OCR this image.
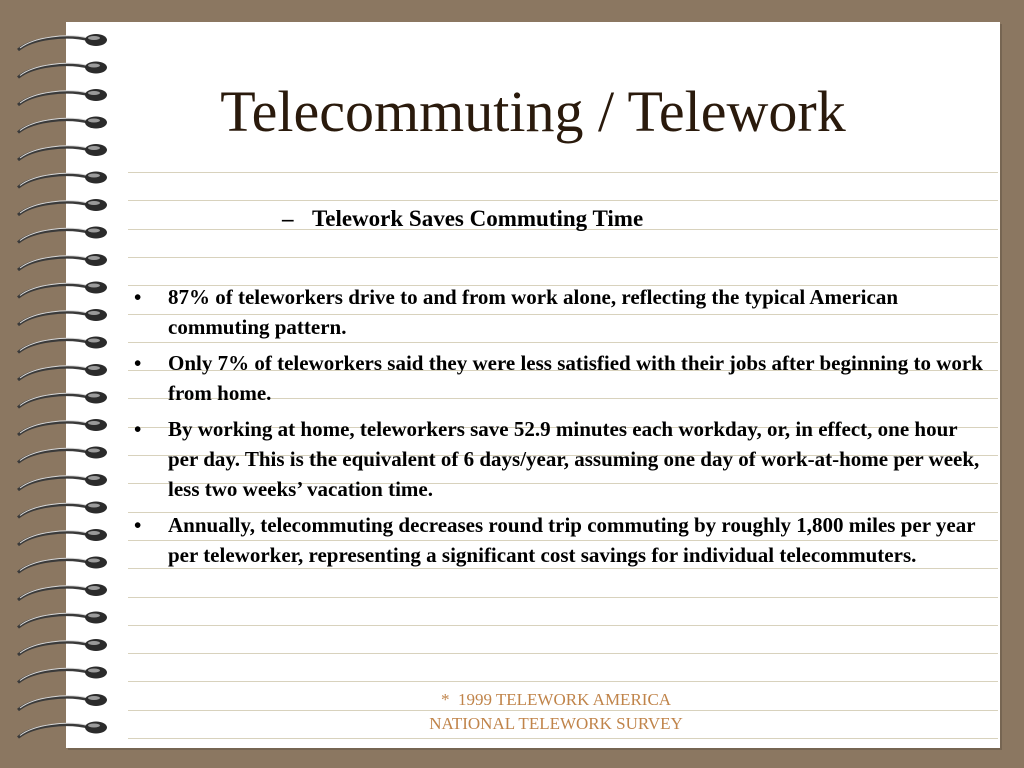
Telecommuting / Telework
– Telework Saves Commuting Time
• 87% of teleworkers drive to and from work alone, reflecting the typical American commuting pattern.
• Only 7% of teleworkers said they were less satisfied with their jobs after beginning to work from home.
• By working at home, teleworkers save 52.9 minutes each workday, or, in effect, one hour per day. This is the equivalent of 6 days/year, assuming one day of work-at-home per week, less two weeks’ vacation time.
• Annually, telecommuting decreases round trip commuting by roughly 1,800 miles per year per teleworker, representing a significant cost savings for individual telecommuters.
*  1999 TELEWORK AMERICA
NATIONAL TELEWORK SURVEY
